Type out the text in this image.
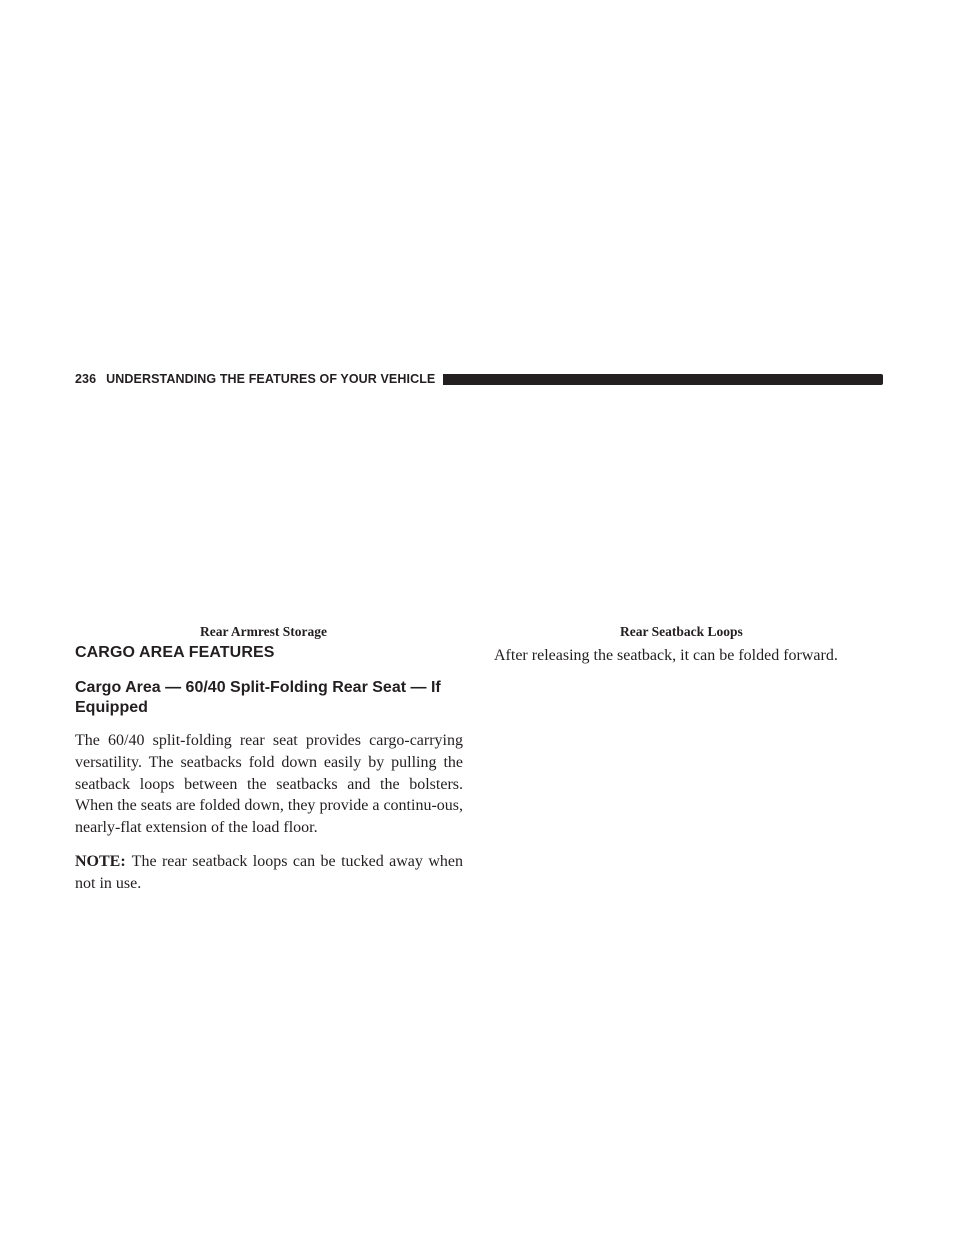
236 UNDERSTANDING THE FEATURES OF YOUR VEHICLE
Rear Armrest Storage	Rear Seatback Loops
CARGO AREA FEATURES
Cargo Area — 60/40 Split-Folding Rear Seat — If Equipped

The 60/40 split-folding rear seat provides cargo-carrying versatility. The seatbacks fold down easily by pulling the seatback loops between the seatbacks and the bolsters. When the seats are folded down, they provide a continu-ous, nearly-flat extension of the load floor.

NOTE: The rear seatback loops can be tucked away when not in use.

After releasing the seatback, it can be folded forward.
